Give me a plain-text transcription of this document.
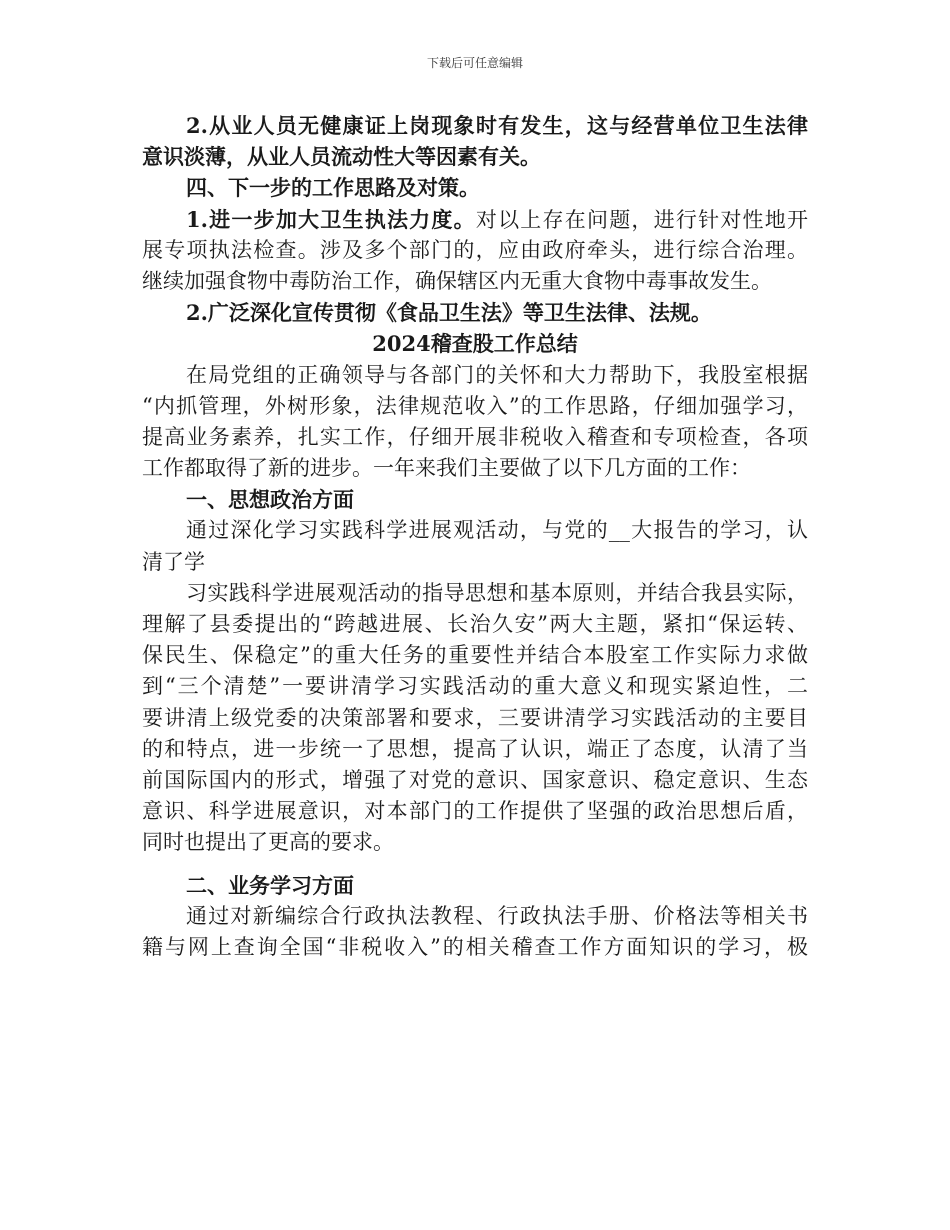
下载后可任意编辑
2.从业人员无健康证上岗现象时有发生，这与经营单位卫生法律
意识淡薄，从业人员流动性大等因素有关。
四、下一步的工作思路及对策。
1.进一步加大卫生执法力度。对以上存在问题，进行针对性地开
展专项执法检查。涉及多个部门的，应由政府牵头，进行综合治理。
继续加强食物中毒防治工作，确保辖区内无重大食物中毒事故发生。
2.广泛深化宣传贯彻《食品卫生法》等卫生法律、法规。
2024稽查股工作总结
在局党组的正确领导与各部门的关怀和大力帮助下，我股室根据
“内抓管理，外树形象，法律规范收入”的工作思路，仔细加强学习，
提高业务素养，扎实工作，仔细开展非税收入稽查和专项检查，各项
工作都取得了新的进步。一年来我们主要做了以下几方面的工作：
一、思想政治方面
通过深化学习实践科学进展观活动，与党的__大报告的学习，认
清了学
习实践科学进展观活动的指导思想和基本原则，并结合我县实际，
理解了县委提出的“跨越进展、长治久安”两大主题，紧扣“保运转、
保民生、保稳定”的重大任务的重要性并结合本股室工作实际力求做
到“三个清楚”一要讲清学习实践活动的重大意义和现实紧迫性，二
要讲清上级党委的决策部署和要求，三要讲清学习实践活动的主要目
的和特点，进一步统一了思想，提高了认识，端正了态度，认清了当
前国际国内的形式，增强了对党的意识、国家意识、稳定意识、生态
意识、科学进展意识，对本部门的工作提供了坚强的政治思想后盾，
同时也提出了更高的要求。
二、业务学习方面
通过对新编综合行政执法教程、行政执法手册、价格法等相关书
籍与网上查询全国“非税收入”的相关稽查工作方面知识的学习，极
